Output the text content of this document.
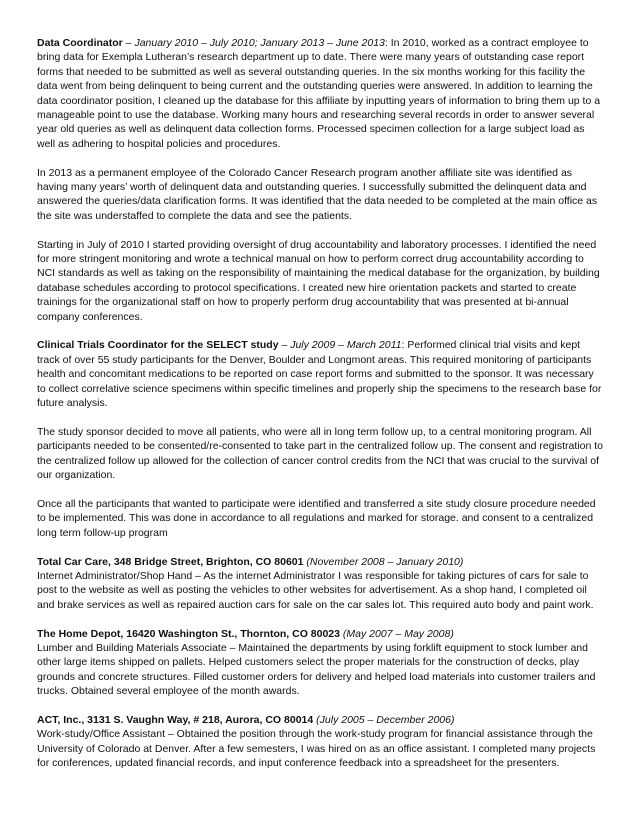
Data Coordinator – January 2010 – July 2010; January 2013 – June 2013: In 2010, worked as a contract employee to bring data for Exempla Lutheran’s research department up to date. There were many years of outstanding case report forms that needed to be submitted as well as several outstanding queries. In the six months working for this facility the data went from being delinquent to being current and the outstanding queries were answered. In addition to learning the data coordinator position, I cleaned up the database for this affiliate by inputting years of information to bring them up to a manageable point to use the database. Working many hours and researching several records in order to answer several year old queries as well as delinquent data collection forms. Processed specimen collection for a large subject load as well as adhering to hospital policies and procedures.

In 2013 as a permanent employee of the Colorado Cancer Research program another affiliate site was identified as having many years’ worth of delinquent data and outstanding queries. I successfully submitted the delinquent data and answered the queries/data clarification forms. It was identified that the data needed to be completed at the main office as the site was understaffed to complete the data and see the patients.

Starting in July of 2010 I started providing oversight of drug accountability and laboratory processes. I identified the need for more stringent monitoring and wrote a technical manual on how to perform correct drug accountability according to NCI standards as well as taking on the responsibility of maintaining the medical database for the organization, by building database schedules according to protocol specifications. I created new hire orientation packets and started to create trainings for the organizational staff on how to properly perform drug accountability that was presented at bi-annual company conferences.

Clinical Trials Coordinator for the SELECT study – July 2009 – March 2011: Performed clinical trial visits and kept track of over 55 study participants for the Denver, Boulder and Longmont areas. This required monitoring of participants health and concomitant medications to be reported on case report forms and submitted to the sponsor. It was necessary to collect correlative science specimens within specific timelines and properly ship the specimens to the research base for future analysis.

The study sponsor decided to move all patients, who were all in long term follow up, to a central monitoring program. All participants needed to be consented/re-consented to take part in the centralized follow up. The consent and registration to the centralized follow up allowed for the collection of cancer control credits from the NCI that was crucial to the survival of our organization.

Once all the participants that wanted to participate were identified and transferred a site study closure procedure needed to be implemented. This was done in accordance to all regulations and marked for storage. and consent to a centralized long term follow-up program

Total Car Care, 348 Bridge Street, Brighton, CO 80601 (November 2008 – January 2010)
Internet Administrator/Shop Hand – As the internet Administrator I was responsible for taking pictures of cars for sale to post to the website as well as posting the vehicles to other websites for advertisement. As a shop hand, I completed oil and brake services as well as repaired auction cars for sale on the car sales lot. This required auto body and paint work.

The Home Depot, 16420 Washington St., Thornton, CO 80023 (May 2007 – May 2008)
Lumber and Building Materials Associate – Maintained the departments by using forklift equipment to stock lumber and other large items shipped on pallets. Helped customers select the proper materials for the construction of decks, play grounds and concrete structures. Filled customer orders for delivery and helped load materials into customer trailers and trucks. Obtained several employee of the month awards.

ACT, Inc., 3131 S. Vaughn Way, # 218, Aurora, CO 80014 (July 2005 – December 2006)
Work-study/Office Assistant – Obtained the position through the work-study program for financial assistance through the University of Colorado at Denver. After a few semesters, I was hired on as an office assistant. I completed many projects for conferences, updated financial records, and input conference feedback into a spreadsheet for the presenters.
